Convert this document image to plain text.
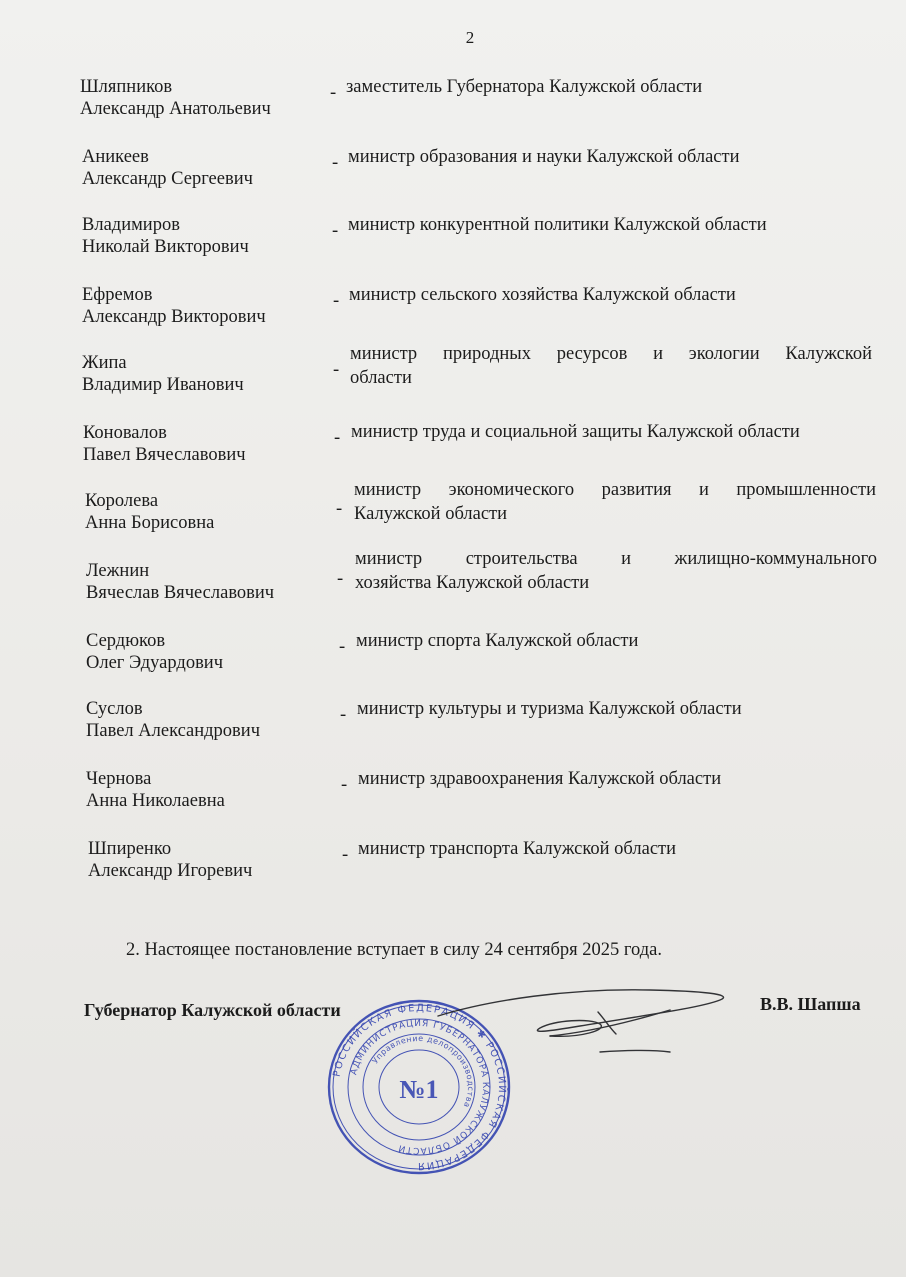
2
Шляпников
Александр Анатольевич
- заместитель Губернатора Калужской области
Аникеев
Александр Сергеевич
- министр образования и науки Калужской области
Владимиров
Николай Викторович
- министр конкурентной политики Калужской области
Ефремов
Александр Викторович
- министр сельского хозяйства Калужской области
Жипа
Владимир Иванович
-
министр природных ресурсов и экологии Калужской
области
Коновалов
Павел Вячеславович
- министр труда и социальной защиты Калужской области
Королева
Анна Борисовна
-
министр экономического развития и промышленности
Калужской области
Лежнин
Вячеслав Вячеславович
-
министр строительства и жилищно-коммунального
хозяйства Калужской области
Сердюков
Олег Эдуардович
- министр спорта Калужской области
Суслов
Павел Александрович
- министр культуры и туризма Калужской области
Чернова
Анна Николаевна
- министр здравоохранения Калужской области
Шпиренко
Александр Игоревич
- министр транспорта Калужской области
2. Настоящее постановление вступает в силу 24 сентября 2025 года.
Губернатор Калужской области	В.В. Шапша
РОССИЙСКАЯ ФЕДЕРАЦИЯ ✱ РОССИЙСКАЯ ФЕДЕРАЦИЯ
АДМИНИСТРАЦИЯ ГУБЕРНАТОРА КАЛУЖСКОЙ ОБЛАСТИ
Управление делопроизводства
№1
